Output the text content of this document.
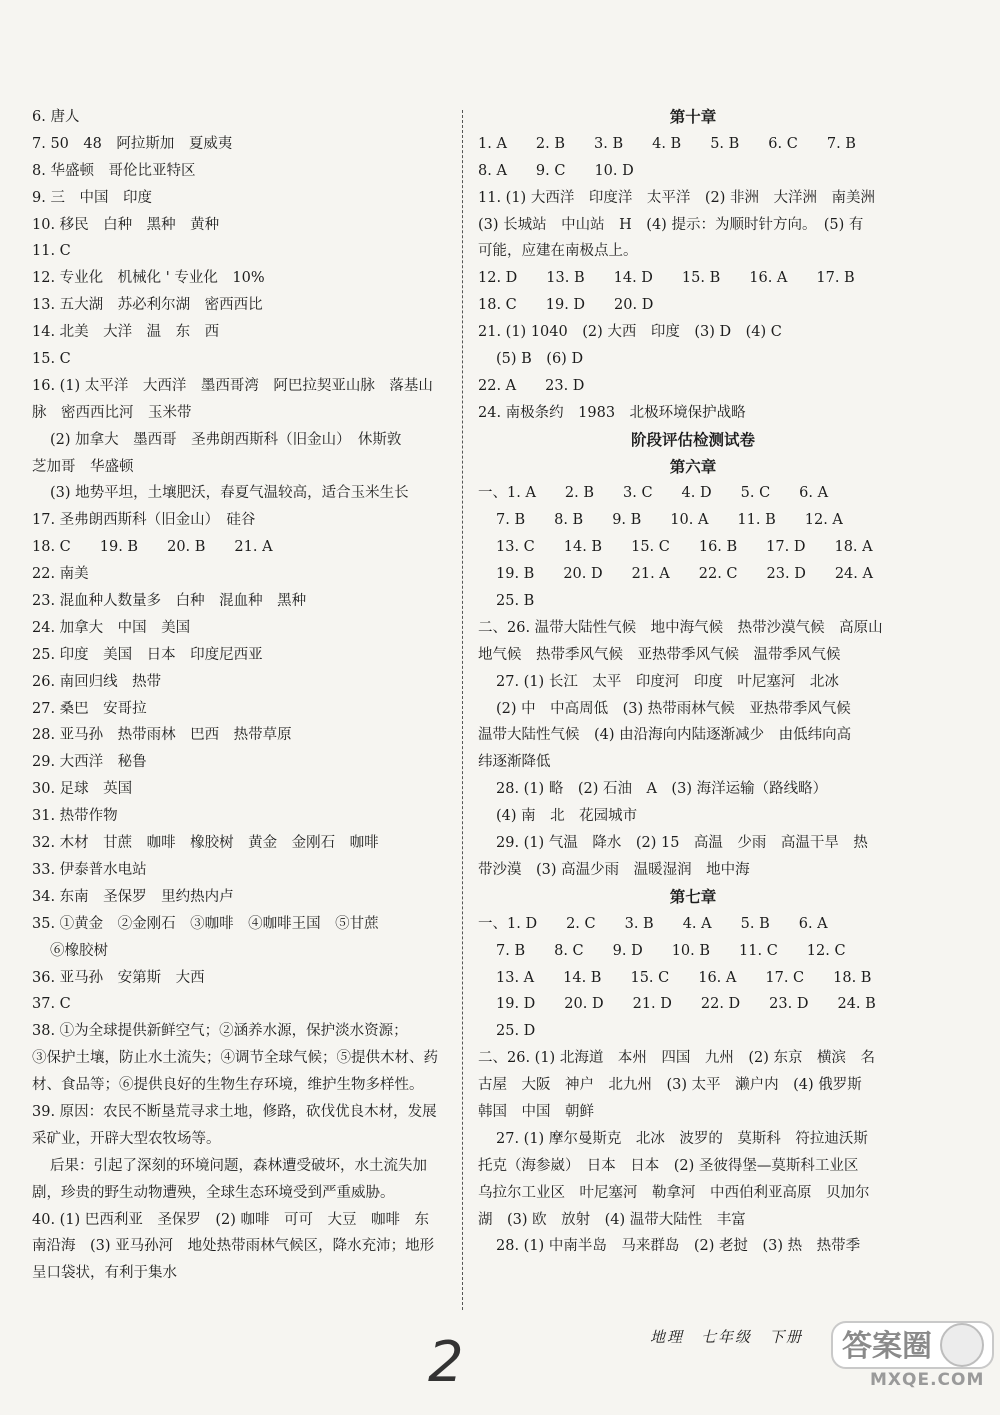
6. 唐人
7. 50　48　阿拉斯加　夏威夷
8. 华盛顿　哥伦比亚特区
9. 三　中国　印度
10. 移民　白种　黑种　黄种
11. C
12. 专业化　机械化 ' 专业化　10%
13. 五大湖　苏必利尔湖　密西西比
14. 北美　大洋　温　东　西
15. C
16. (1) 太平洋　大西洋　墨西哥湾　阿巴拉契亚山脉　落基山
脉　密西西比河　玉米带
(2) 加拿大　墨西哥　圣弗朗西斯科（旧金山）　休斯敦
芝加哥　华盛顿
(3) 地势平坦，土壤肥沃，春夏气温较高，适合玉米生长
17. 圣弗朗西斯科（旧金山）　硅谷
18. C　　19. B　　20. B　　21. A
22. 南美
23. 混血种人数量多　白种　混血种　黑种
24. 加拿大　中国　美国
25. 印度　美国　日本　印度尼西亚
26. 南回归线　热带
27. 桑巴　安哥拉
28. 亚马孙　热带雨林　巴西　热带草原
29. 大西洋　秘鲁
30. 足球　英国
31. 热带作物
32. 木材　甘蔗　咖啡　橡胶树　黄金　金刚石　咖啡
33. 伊泰普水电站
34. 东南　圣保罗　里约热内卢
35. ①黄金　②金刚石　③咖啡　④咖啡王国　⑤甘蔗
⑥橡胶树
36. 亚马孙　安第斯　大西
37. C
38. ①为全球提供新鲜空气；②涵养水源，保护淡水资源；
③保护土壤，防止水土流失；④调节全球气候；⑤提供木材、药
材、食品等；⑥提供良好的生物生存环境，维护生物多样性。
39. 原因：农民不断垦荒寻求土地，修路，砍伐优良木材，发展
采矿业，开辟大型农牧场等。
后果：引起了深刻的环境问题，森林遭受破坏，水土流失加
剧，珍贵的野生动物遭殃，全球生态环境受到严重威胁。
40. (1) 巴西利亚　圣保罗　(2) 咖啡　可可　大豆　咖啡　东
南沿海　(3) 亚马孙河　地处热带雨林气候区，降水充沛；地形
呈口袋状，有利于集水
第十章
1. A　　2. B　　3. B　　4. B　　5. B　　6. C　　7. B
8. A　　9. C　　10. D
11. (1) 大西洋　印度洋　太平洋　(2) 非洲　大洋洲　南美洲
(3) 长城站　中山站　H　(4) 提示：为顺时针方向。　(5) 有
可能，应建在南极点上。
12. D　　13. B　　14. D　　15. B　　16. A　　17. B
18. C　　19. D　　20. D
21. (1) 1040　(2) 大西　印度　(3) D　(4) C
(5) B　(6) D
22. A　　23. D
24. 南极条约　1983　北极环境保护战略
阶段评估检测试卷
第六章
一、1. A　　2. B　　3. C　　4. D　　5. C　　6. A
7. B　　8. B　　9. B　　10. A　　11. B　　12. A
13. C　　14. B　　15. C　　16. B　　17. D　　18. A
19. B　　20. D　　21. A　　22. C　　23. D　　24. A
25. B
二、26. 温带大陆性气候　地中海气候　热带沙漠气候　高原山
地气候　热带季风气候　亚热带季风气候　温带季风气候
27. (1) 长江　太平　印度河　印度　叶尼塞河　北冰
(2) 中　中高周低　(3) 热带雨林气候　亚热带季风气候
温带大陆性气候　(4) 由沿海向内陆逐渐减少　由低纬向高
纬逐渐降低
28. (1) 略　(2) 石油　A　(3) 海洋运输（路线略）
(4) 南　北　花园城市
29. (1) 气温　降水　(2) 15　高温　少雨　高温干旱　热
带沙漠　(3) 高温少雨　温暖湿润　地中海
第七章
一、1. D　　2. C　　3. B　　4. A　　5. B　　6. A
7. B　　8. C　　9. D　　10. B　　11. C　　12. C
13. A　　14. B　　15. C　　16. A　　17. C　　18. B
19. D　　20. D　　21. D　　22. D　　23. D　　24. B
25. D
二、26. (1) 北海道　本州　四国　九州　(2) 东京　横滨　名
古屋　大阪　神户　北九州　(3) 太平　濑户内　(4) 俄罗斯
韩国　中国　朝鲜
27. (1) 摩尔曼斯克　北冰　波罗的　莫斯科　符拉迪沃斯
托克（海参崴）　日本　日本　(2) 圣彼得堡—莫斯科工业区
乌拉尔工业区　叶尼塞河　勒拿河　中西伯利亚高原　贝加尔
湖　(3) 欧　放射　(4) 温带大陆性　丰富
28. (1) 中南半岛　马来群岛　(2) 老挝　(3) 热　热带季
2	地理　七年级　下册 答案圈
MXQE.COM
